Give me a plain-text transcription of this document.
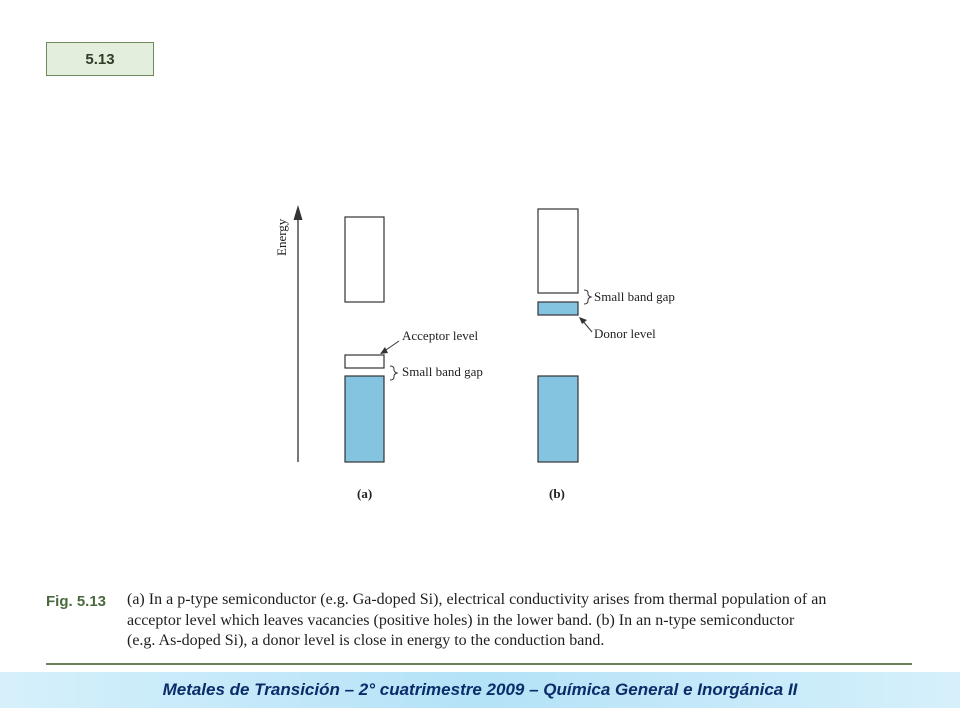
5.13
Energy
Acceptor level
Small band gap
(a)
Small band gap
Donor level
(b)
Fig. 5.13	(a) In a p-type semiconductor (e.g. Ga-doped Si), electrical conductivity arises from thermal population of an
acceptor level which leaves vacancies (positive holes) in the lower band. (b) In an n-type semiconductor
(e.g. As-doped Si), a donor level is close in energy to the conduction band.
Metales de Transición – 2° cuatrimestre 2009 – Química General e Inorgánica II
